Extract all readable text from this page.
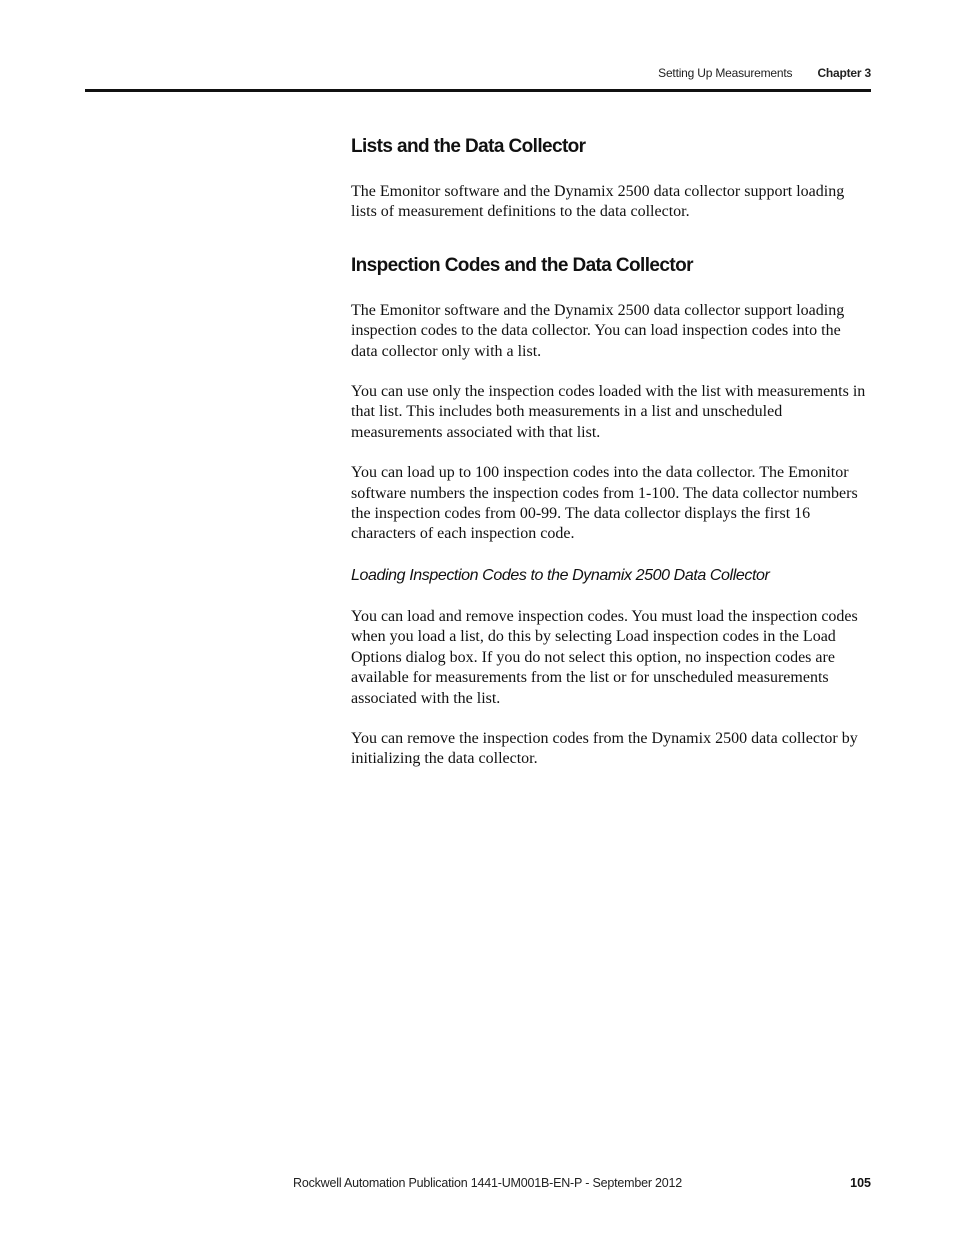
Setting Up Measurements Chapter 3
Lists and the Data Collector

The Emonitor software and the Dynamix 2500 data collector support loading lists of measurement definitions to the data collector.

Inspection Codes and the Data Collector

The Emonitor software and the Dynamix 2500 data collector support loading inspection codes to the data collector. You can load inspection codes into the data collector only with a list.

You can use only the inspection codes loaded with the list with measurements in that list. This includes both measurements in a list and unscheduled measurements associated with that list.

You can load up to 100 inspection codes into the data collector. The Emonitor software numbers the inspection codes from 1-100. The data collector numbers the inspection codes from 00-99. The data collector displays the first 16 characters of each inspection code.

Loading Inspection Codes to the Dynamix 2500 Data Collector

You can load and remove inspection codes. You must load the inspection codes when you load a list, do this by selecting Load inspection codes in the Load Options dialog box. If you do not select this option, no inspection codes are available for measurements from the list or for unscheduled measurements associated with the list.

You can remove the inspection codes from the Dynamix 2500 data collector by initializing the data collector.

Rockwell Automation Publication 1441-UM001B-EN-P - September 2012	105
